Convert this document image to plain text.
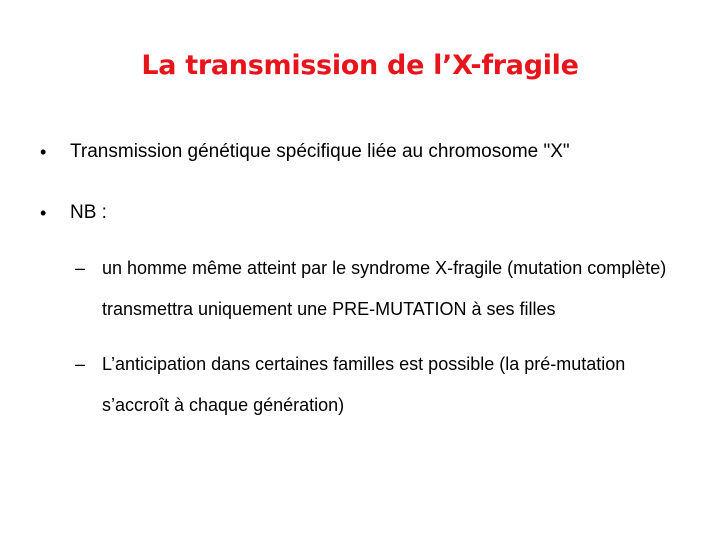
La transmission de l’X-fragile
• Transmission génétique spécifique liée au chromosome "X"
• NB :
– un homme même atteint par le syndrome X-fragile (mutation complète) transmettra uniquement une PRE-MUTATION à ses filles
– L’anticipation dans certaines familles est possible (la pré-mutation s’accroît à chaque génération)
